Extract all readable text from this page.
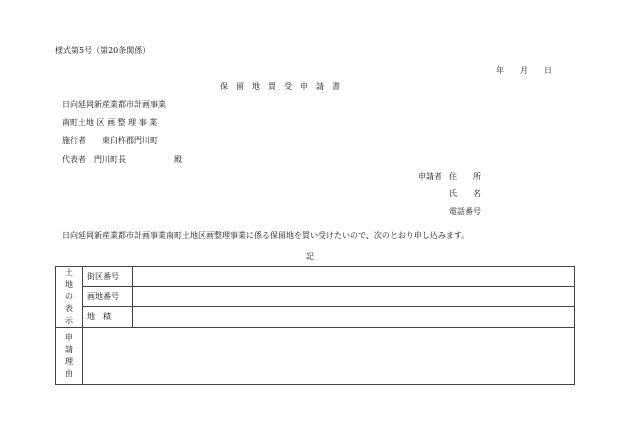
様式第5号（第20条関係）
年　　月　　日
保　留　地　買　受　申　請　書
日向延岡新産業都市計画事業
南町土地 区 画 整 理 事 業
施行者 東臼杵郡門川町
代表者 門川町長	殿
申請者 住　　所
氏　　名
電話番号
日向延岡新産業都市計画事業南町土地区画整理事業に係る保留地を買い受けたいので、次のとおり申し込みます。
記
土地の表示	街区番号	
	画地番号	
	地　積	
申請理由		
